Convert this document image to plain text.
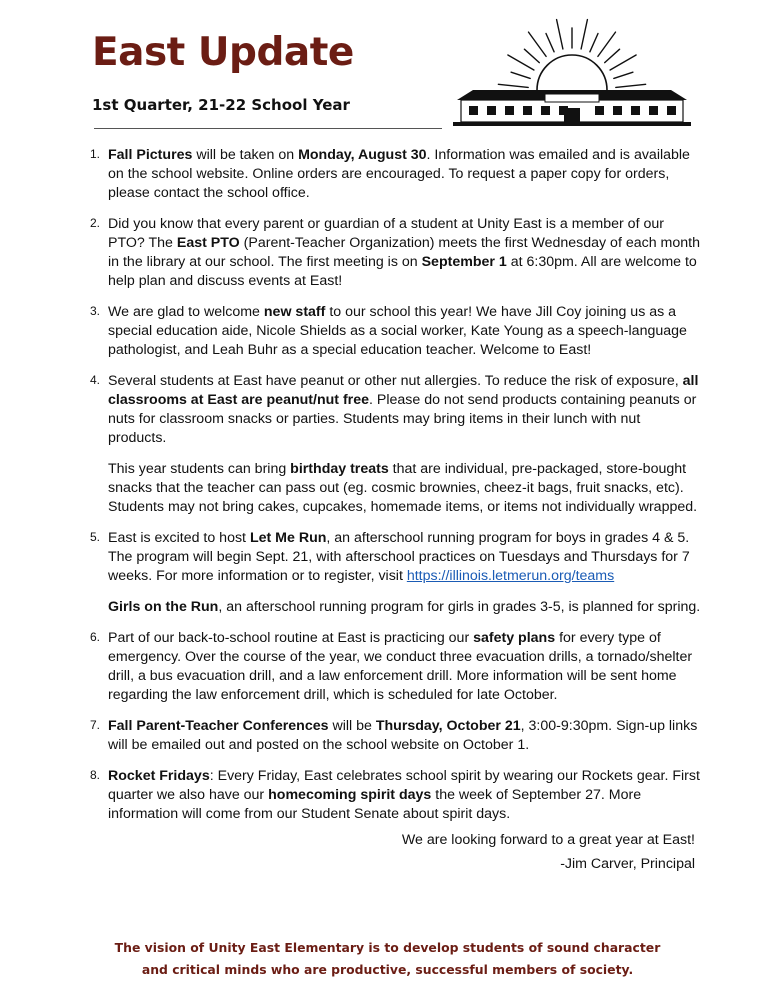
East Update
1st Quarter, 21-22 School Year
1. Fall Pictures will be taken on Monday, August 30. Information was emailed and is available on the school website. Online orders are encouraged. To request a paper copy for orders, please contact the school office.

2. Did you know that every parent or guardian of a student at Unity East is a member of our PTO? The East PTO (Parent-Teacher Organization) meets the first Wednesday of each month in the library at our school. The first meeting is on September 1 at 6:30pm. All are welcome to help plan and discuss events at East!

3. We are glad to welcome new staff to our school this year! We have Jill Coy joining us as a special education aide, Nicole Shields as a social worker, Kate Young as a speech-language pathologist, and Leah Buhr as a special education teacher. Welcome to East!

4. Several students at East have peanut or other nut allergies. To reduce the risk of exposure, all classrooms at East are peanut/nut free. Please do not send products containing peanuts or nuts for classroom snacks or parties. Students may bring items in their lunch with nut products.

This year students can bring birthday treats that are individual, pre-packaged, store-bought snacks that the teacher can pass out (eg. cosmic brownies, cheez-it bags, fruit snacks, etc). Students may not bring cakes, cupcakes, homemade items, or items not individually wrapped.

5. East is excited to host Let Me Run, an afterschool running program for boys in grades 4 & 5. The program will begin Sept. 21, with afterschool practices on Tuesdays and Thursdays for 7 weeks. For more information or to register, visit https://illinois.letmerun.org/teams

Girls on the Run, an afterschool running program for girls in grades 3-5, is planned for spring.

6. Part of our back-to-school routine at East is practicing our safety plans for every type of emergency. Over the course of the year, we conduct three evacuation drills, a tornado/shelter drill, a bus evacuation drill, and a law enforcement drill. More information will be sent home regarding the law enforcement drill, which is scheduled for late October.

7. Fall Parent-Teacher Conferences will be Thursday, October 21, 3:00-9:30pm. Sign-up links will be emailed out and posted on the school website on October 1.

8. Rocket Fridays: Every Friday, East celebrates school spirit by wearing our Rockets gear. First quarter we also have our homecoming spirit days the week of September 27. More information will come from our Student Senate about spirit days.

We are looking forward to a great year at East!

-Jim Carver, Principal

The vision of Unity East Elementary is to develop students of sound character

and critical minds who are productive, successful members of society.
